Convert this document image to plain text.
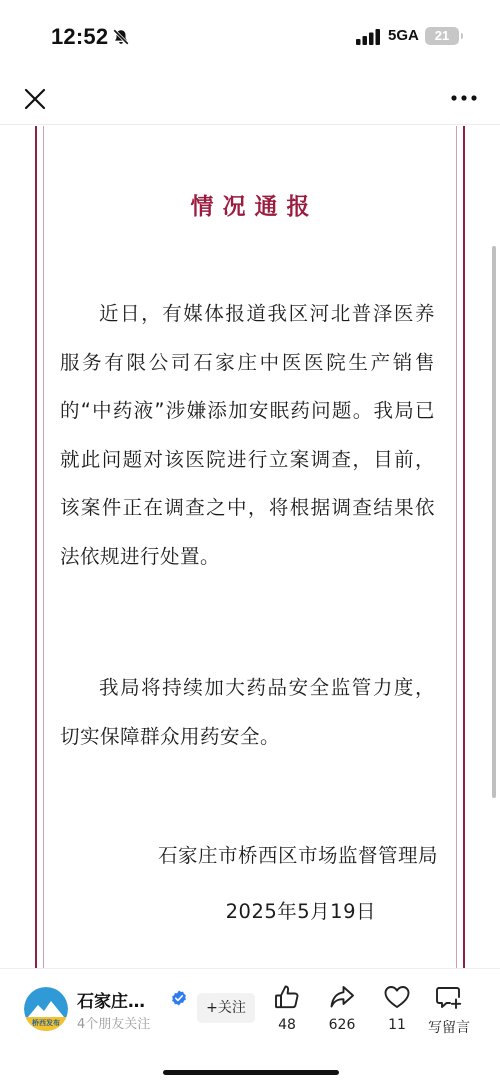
12:52	5GA	21
情况通报
近日，有媒体报道我区河北普泽医养服务有限公司石家庄中医医院生产销售的“中药液”涉嫌添加安眠药问题。我局已就此问题对该医院进行立案调查，目前，该案件正在调查之中，将根据调查结果依法依规进行处置。
我局将持续加大药品安全监管力度，切实保障群众用药安全。
石家庄市桥西区市场监督管理局
2025年5月19日
桥西发布
石家庄…
4个朋友关注
+关注
48	626	11	写留言
